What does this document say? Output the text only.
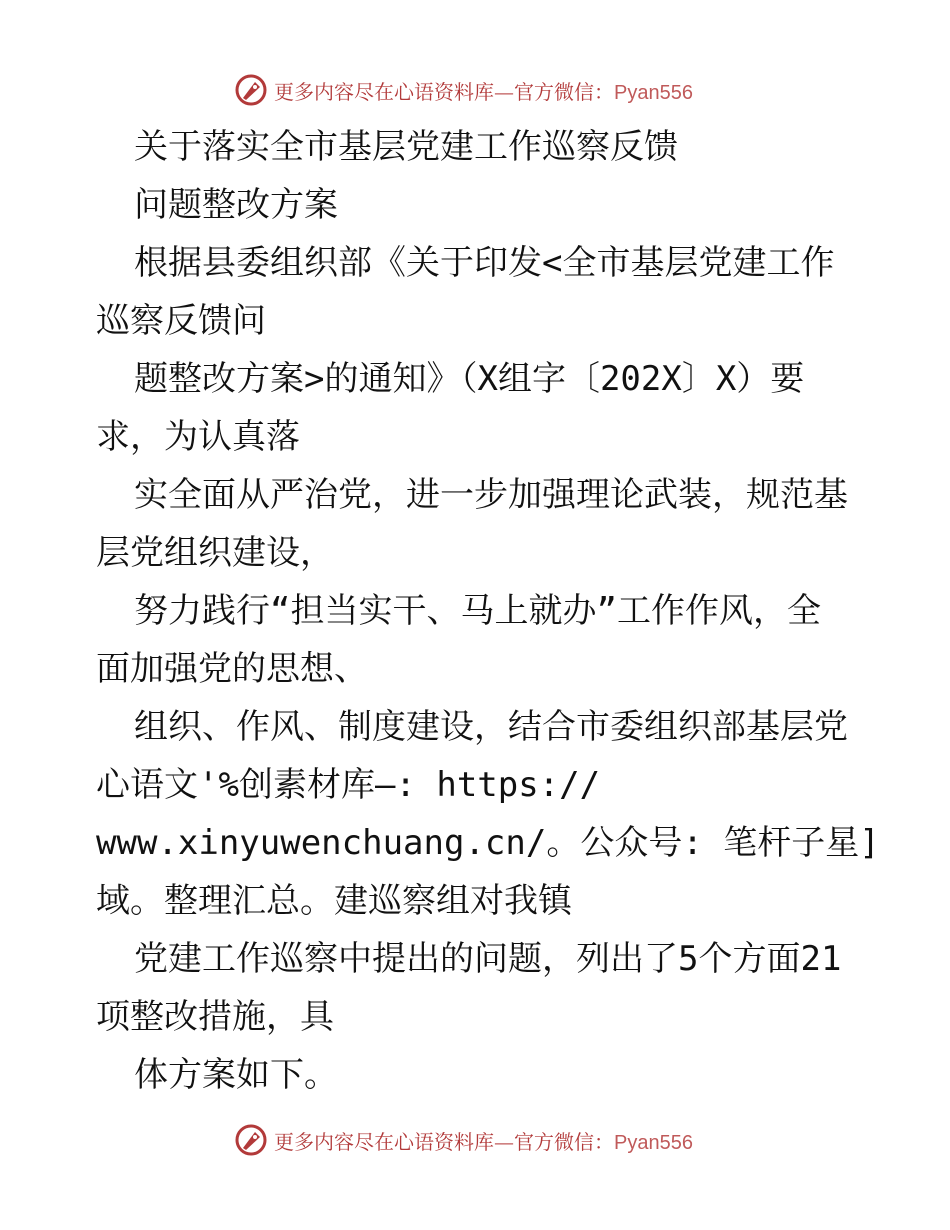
更多内容尽在心语资料库—官方微信：Pyan556
关于落实全市基层党建工作巡察反馈
问题整改方案
根据县委组织部《关于印发<全市基层党建工作
巡察反馈问
题整改方案>的通知》（X组字〔202X〕X）要
求，为认真落
实全面从严治党，进一步加强理论武装，规范基
层党组织建设，
努力践行“担当实干、马上就办”工作作风，全
面加强党的思想、
组织、作风、制度建设，结合市委组织部基层党
心语文'%创素材库—: https://
www.xinyuwenchuang.cn/。公众号: 笔杆子星]
域。整理汇总。建巡察组对我镇
党建工作巡察中提出的问题，列出了5个方面21
项整改措施，具
体方案如下。
更多内容尽在心语资料库—官方微信：Pyan556
